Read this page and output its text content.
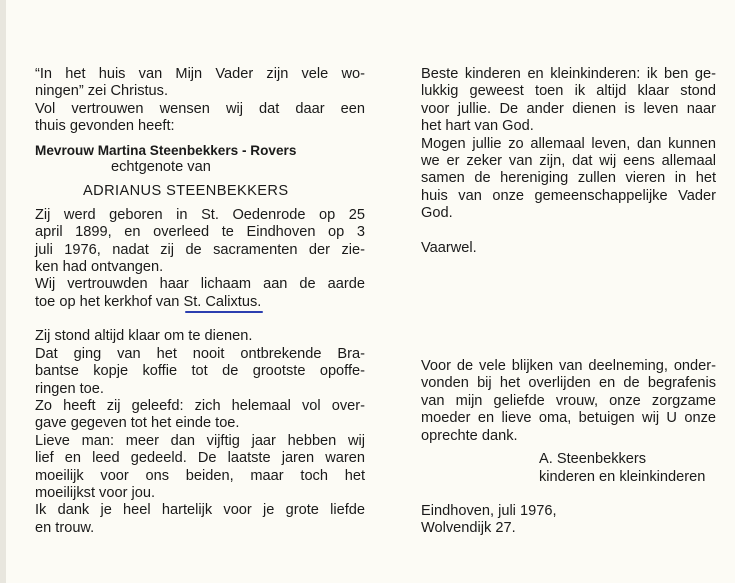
“In het huis van Mijn Vader zijn vele wo-
ningen” zei Christus.
Vol vertrouwen wensen wij dat daar een
thuis gevonden heeft:
Mevrouw Martina Steenbekkers - Rovers
echtgenote van
ADRIANUS STEENBEKKERS
Zij werd geboren in St. Oedenrode op 25
april 1899, en overleed te Eindhoven op 3
juli 1976, nadat zij de sacramenten der zie-
ken had ontvangen.
Wij vertrouwden haar lichaam aan de aarde
toe op het kerkhof van St. Calixtus.
Zij stond altijd klaar om te dienen.
Dat ging van het nooit ontbrekende Bra-
bantse kopje koffie tot de grootste opoffe-
ringen toe.
Zo heeft zij geleefd: zich helemaal vol over-
gave gegeven tot het einde toe.
Lieve man: meer dan vijftig jaar hebben wij
lief en leed gedeeld. De laatste jaren waren
moeilijk voor ons beiden, maar toch het
moeilijkst voor jou.
Ik dank je heel hartelijk voor je grote liefde
en trouw.
Beste kinderen en kleinkinderen: ik ben ge-
lukkig geweest toen ik altijd klaar stond
voor jullie. De ander dienen is leven naar
het hart van God.
Mogen jullie zo allemaal leven, dan kunnen
we er zeker van zijn, dat wij eens allemaal
samen de hereniging zullen vieren in het
huis van onze gemeenschappelijke Vader
God.
Vaarwel.
Voor de vele blijken van deelneming, onder-
vonden bij het overlijden en de begrafenis
van mijn geliefde vrouw, onze zorgzame
moeder en lieve oma, betuigen wij U onze
oprechte dank.
A. Steenbekkers
kinderen en kleinkinderen
Eindhoven, juli 1976,
Wolvendijk 27.
